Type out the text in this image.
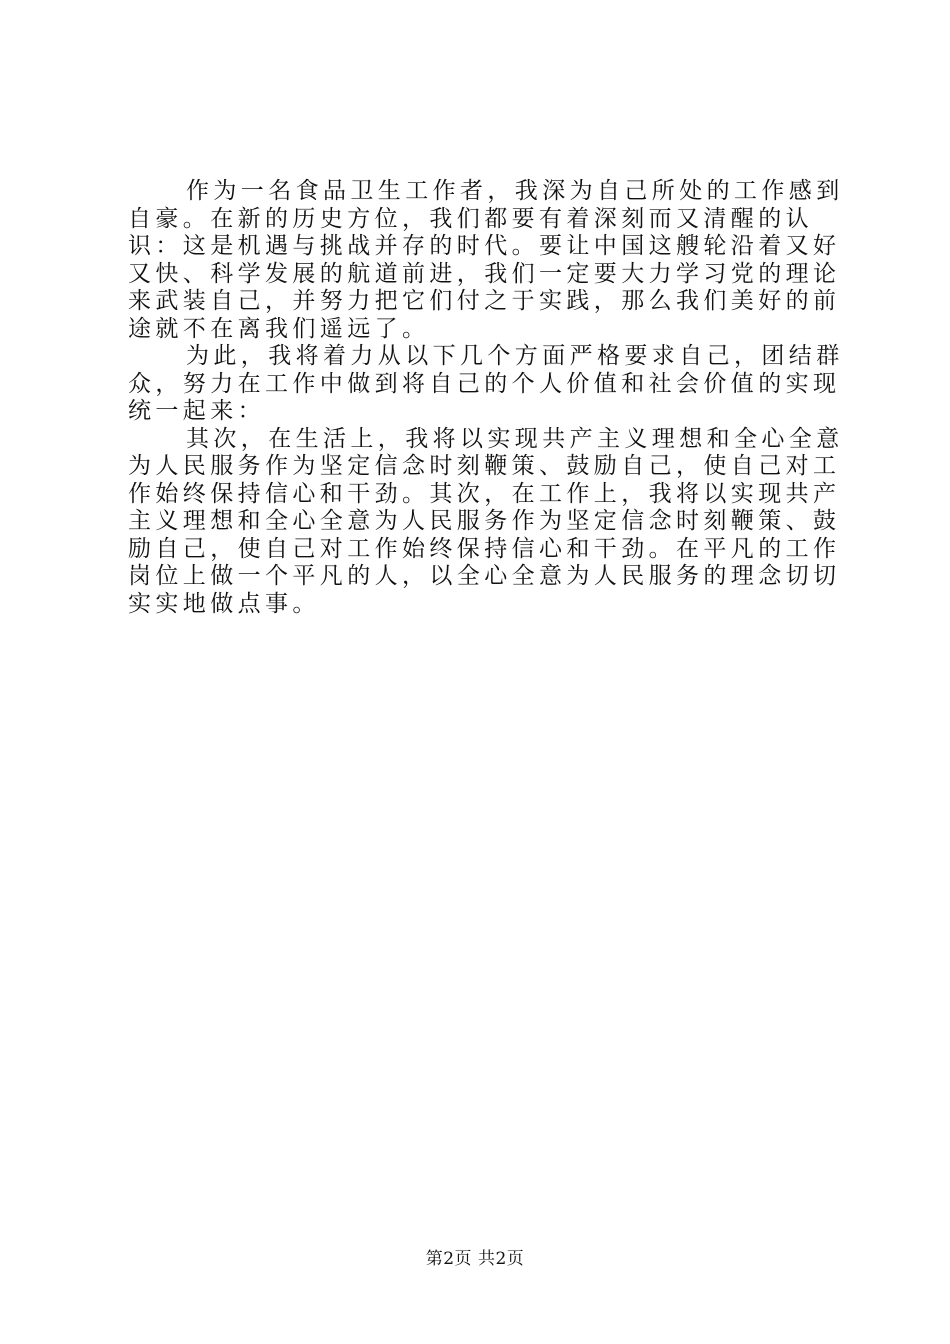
作为一名食品卫生工作者，我深为自己所处的工作感到自豪。在新的历史方位，我们都要有着深刻而又清醒的认识：这是机遇与挑战并存的时代。要让中国这艘轮沿着又好又快、科学发展的航道前进，我们一定要大力学习党的理论来武装自己，并努力把它们付之于实践，那么我们美好的前途就不在离我们遥远了。

为此，我将着力从以下几个方面严格要求自己，团结群众，努力在工作中做到将自己的个人价值和社会价值的实现统一起来：

其次，在生活上，我将以实现共产主义理想和全心全意为人民服务作为坚定信念时刻鞭策、鼓励自己，使自己对工作始终保持信心和干劲。其次，在工作上，我将以实现共产主义理想和全心全意为人民服务作为坚定信念时刻鞭策、鼓励自己，使自己对工作始终保持信心和干劲。在平凡的工作岗位上做一个平凡的人，以全心全意为人民服务的理念切切实实地做点事。

第2页 共2页
